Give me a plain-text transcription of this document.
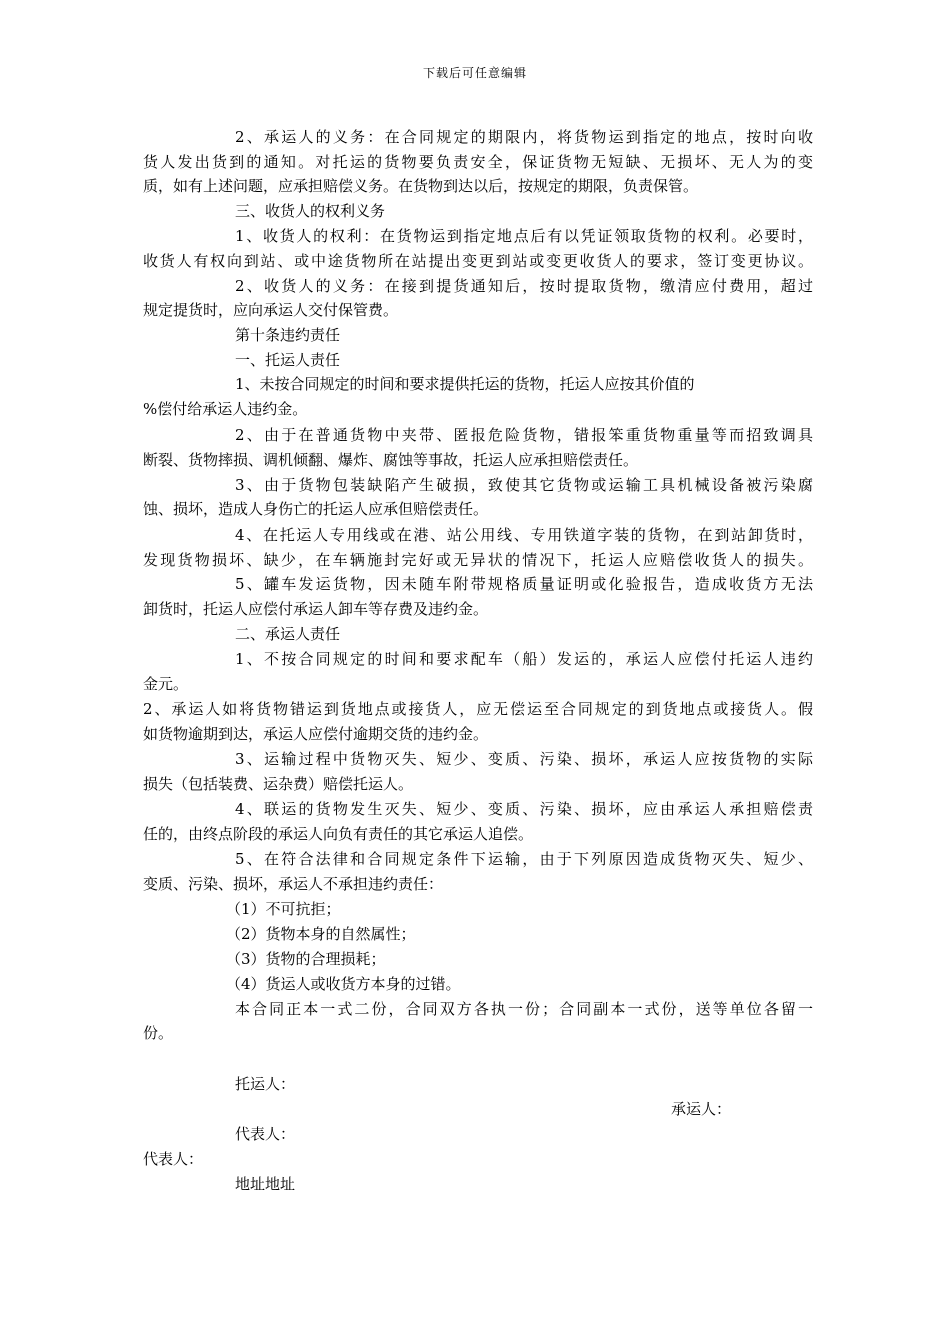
下载后可任意编辑
2、承运人的义务：在合同规定的期限内，将货物运到指定的地点，按时向收
货人发出货到的通知。对托运的货物要负责安全，保证货物无短缺、无损坏、无人为的变
质，如有上述问题，应承担赔偿义务。在货物到达以后，按规定的期限，负责保管。
三、收货人的权利义务
1、收货人的权利：在货物运到指定地点后有以凭证领取货物的权利。必要时，
收货人有权向到站、或中途货物所在站提出变更到站或变更收货人的要求，签订变更协议。
2、收货人的义务：在接到提货通知后，按时提取货物，缴清应付费用，超过
规定提货时，应向承运人交付保管费。
第十条违约责任
一、托运人责任
1、未按合同规定的时间和要求提供托运的货物，托运人应按其价值的
%偿付给承运人违约金。
2、由于在普通货物中夹带、匿报危险货物，错报笨重货物重量等而招致调具
断裂、货物摔损、调机倾翻、爆炸、腐蚀等事故，托运人应承担赔偿责任。
3、由于货物包装缺陷产生破损，致使其它货物或运输工具机械设备被污染腐
蚀、损坏，造成人身伤亡的托运人应承但赔偿责任。
4、在托运人专用线或在港、站公用线、专用铁道字装的货物，在到站卸货时，
发现货物损坏、缺少，在车辆施封完好或无异状的情况下，托运人应赔偿收货人的损失。
5、罐车发运货物，因未随车附带规格质量证明或化验报告，造成收货方无法
卸货时，托运人应偿付承运人卸车等存费及违约金。
二、承运人责任
1、不按合同规定的时间和要求配车（船）发运的，承运人应偿付托运人违约
金元。
2、承运人如将货物错运到货地点或接货人，应无偿运至合同规定的到货地点或接货人。假
如货物逾期到达，承运人应偿付逾期交货的违约金。
3、运输过程中货物灭失、短少、变质、污染、损坏，承运人应按货物的实际
损失（包括装费、运杂费）赔偿托运人。
4、联运的货物发生灭失、短少、变质、污染、损坏，应由承运人承担赔偿责
任的，由终点阶段的承运人向负有责任的其它承运人追偿。
5、在符合法律和合同规定条件下运输，由于下列原因造成货物灭失、短少、
变质、污染、损坏，承运人不承担违约责任：
（1）不可抗拒；
（2）货物本身的自然属性；
（3）货物的合理损耗；
（4）货运人或收货方本身的过错。
本合同正本一式二份，合同双方各执一份；合同副本一式份，送等单位各留一
份。
托运人：
承运人：
代表人：
代表人：
地址地址
